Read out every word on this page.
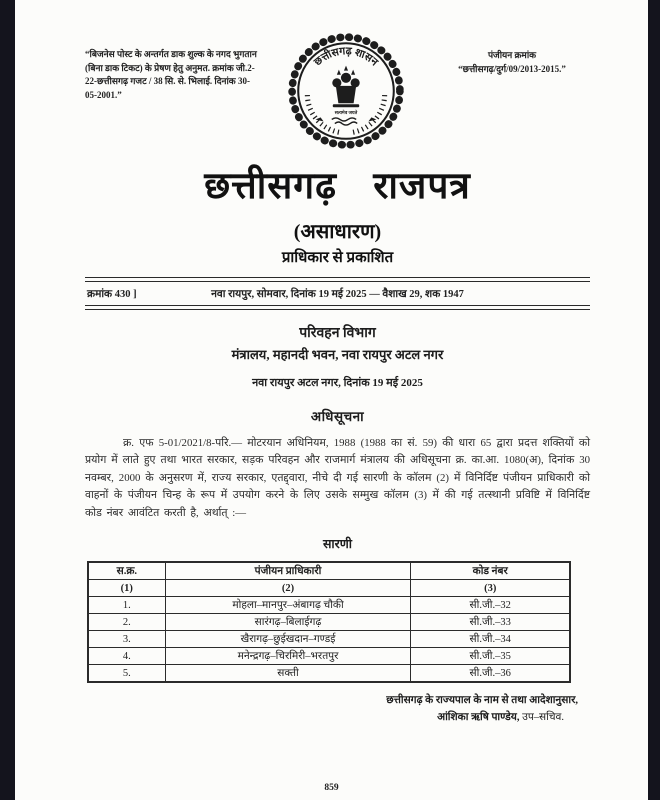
“बिजनेस पोस्ट के अन्तर्गत डाक शुल्क के नगद भुगतान (बिना डाक टिकट) के प्रेषण हेतु अनुमत. क्रमांक जी.2-22-छत्तीसगढ़ गजट / 38 सि. से. भिलाई. दिनांक 30-05-2001.”
छत्तीसगढ़ शासन
सत्यमेव जयते
पंजीयन क्रमांक
“छत्तीसगढ़/दुर्ग/09/2013-2015.”
छत्तीसगढ़ राजपत्र
(असाधारण)
प्राधिकार से प्रकाशित
क्रमांक 430 ]	नवा रायपुर, सोमवार, दिनांक 19 मई 2025 — वैशाख 29, शक 1947
परिवहन विभाग
मंत्रालय, महानदी भवन, नवा रायपुर अटल नगर
नवा रायपुर अटल नगर, दिनांक 19 मई 2025
अधिसूचना
क्र. एफ 5-01/2021/8-परि.— मोटरयान अधिनियम, 1988 (1988 का सं. 59) की धारा 65 द्वारा प्रदत्त शक्तियों को प्रयोग में लाते हुए तथा भारत सरकार, सड़क परिवहन और राजमार्ग मंत्रालय की अधिसूचना क्र. का.आ. 1080(अ), दिनांक 30 नवम्बर, 2000 के अनुसरण में, राज्य सरकार, एतद्द्वारा, नीचे दी गई सारणी के कॉलम (2) में विनिर्दिष्ट पंजीयन प्राधिकारी को वाहनों के पंजीयन चिन्ह के रूप में उपयोग करने के लिए उसके सम्मुख कॉलम (3) में की गई तत्स्थानी प्रविष्टि में विनिर्दिष्ट कोड नंबर आवंटित करती है, अर्थात् :—
सारणी
स.क्र.	पंजीयन प्राधिकारी	कोड नंबर
(1)	(2)	(3)
1.	मोहला–मानपुर–अंबागढ़ चौकी	सी.जी.–32
2.	सारंगढ़–बिलाईगढ़	सी.जी.–33
3.	खैरागढ़–छुईखदान–गण्डई	सी.जी.–34
4.	मनेन्द्रगढ़–चिरमिरी–भरतपुर	सी.जी.–35
5.	सक्ती	सी.जी.–36
छत्तीसगढ़ के राज्यपाल के नाम से तथा आदेशानुसार,
आंशिका ऋषि पाण्डेय, उप–सचिव.
859
